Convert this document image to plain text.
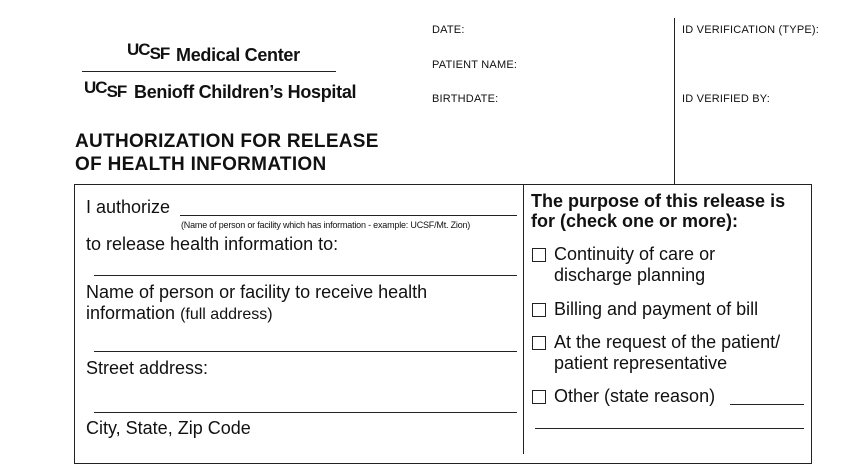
UCSF Medical Center
UCSF Benioff Children’s Hospital
DATE:
PATIENT NAME:
BIRTHDATE:
ID VERIFICATION (TYPE):
ID VERIFIED BY:
AUTHORIZATION FOR RELEASE
OF HEALTH INFORMATION
I authorize
(Name of person or facility which has information - example: UCSF/Mt. Zion)
to release health information to:
Name of person or facility to receive health
information (full address)
Street address:
City, State, Zip Code
The purpose of this release is
for (check one or more):
Continuity of care or
discharge planning
Billing and payment of bill
At the request of the patient/
patient representative
Other (state reason)
